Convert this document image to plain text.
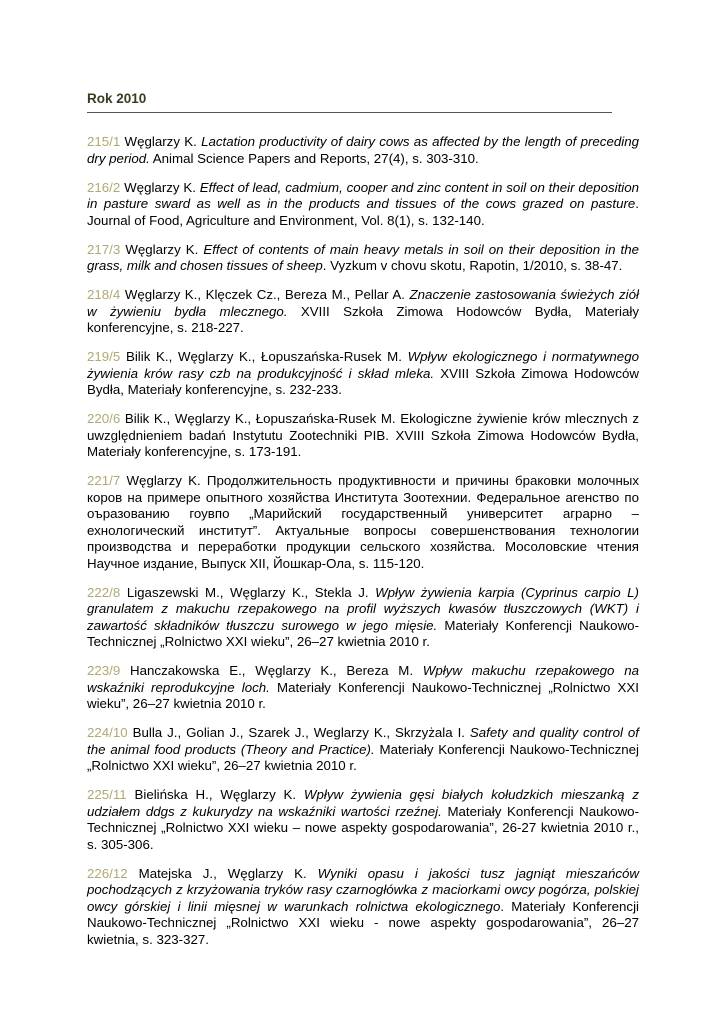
Rok 2010

215/1 Węglarzy K. Lactation productivity of dairy cows as affected by the length of preceding dry period. Animal Science Papers and Reports, 27(4), s. 303-310.

216/2 Węglarzy K. Effect of lead, cadmium, cooper and zinc content in soil on their deposition in pasture sward as well as in the products and tissues of the cows grazed on pasture. Journal of Food, Agriculture and Environment, Vol. 8(1), s. 132-140.

217/3 Węglarzy K. Effect of contents of main heavy metals in soil on their deposition in the grass, milk and chosen tissues of sheep. Vyzkum v chovu skotu, Rapotin, 1/2010, s. 38-47.

218/4 Węglarzy K., Klęczek Cz., Bereza M., Pellar A. Znaczenie zastosowania świeżych ziół w żywieniu bydła mlecznego. XVIII Szkoła Zimowa Hodowców Bydła, Materiały konferencyjne, s. 218-227.

219/5 Bilik K., Węglarzy K., Łopuszańska-Rusek M. Wpływ ekologicznego i normatywnego żywienia krów rasy czb na produkcyjność i skład mleka. XVIII Szkoła Zimowa Hodowców Bydła, Materiały konferencyjne, s. 232-233.

220/6 Bilik K., Węglarzy K., Łopuszańska-Rusek M. Ekologiczne żywienie krów mlecznych z uwzględnieniem badań Instytutu Zootechniki PIB. XVIII Szkoła Zimowa Hodowców Bydła, Materiały konferencyjne, s. 173-191.

221/7 Węglarzy K. Продолжительность продуктивности и причины браковки молочных коров на примере опытного хозяйства Института Зоотехнии. Федеральное агенство по оъразованию гоувпо „Марийский государственный университет аграрно – ехнологический институт”. Актуальные вопросы совершенствования технологии производства и переработки продукции сельского хозяйства. Мосоловские чтения Научное издание, Выпуск XII, Йошкар-Ола, s. 115-120.

222/8 Ligaszewski M., Węglarzy K., Stekla J. Wpływ żywienia karpia (Cyprinus carpio L) granulatem z makuchu rzepakowego na profil wyższych kwasów tłuszczowych (WKT) i zawartość składników tłuszczu surowego w jego mięsie. Materiały Konferencji Naukowo-Technicznej „Rolnictwo XXI wieku”, 26–27 kwietnia 2010 r.

223/9 Hanczakowska E., Węglarzy K., Bereza M. Wpływ makuchu rzepakowego na wskaźniki reprodukcyjne loch. Materiały Konferencji Naukowo-Technicznej „Rolnictwo XXI wieku”, 26–27 kwietnia 2010 r.

224/10 Bulla J., Golian J., Szarek J., Weglarzy K., Skrzyżala I. Safety and quality control of the animal food products (Theory and Practice). Materiały Konferencji Naukowo-Technicznej „Rolnictwo XXI wieku”, 26–27 kwietnia 2010 r.

225/11 Bielińska H., Węglarzy K. Wpływ żywienia gęsi białych kołudzkich mieszanką z udziałem ddgs z kukurydzy na wskaźniki wartości rzeźnej. Materiały Konferencji Naukowo-Technicznej „Rolnictwo XXI wieku – nowe aspekty gospodarowania”, 26-27 kwietnia 2010 r., s. 305-306.

226/12 Matejska J., Węglarzy K. Wyniki opasu i jakości tusz jagniąt mieszańców pochodzących z krzyżowania tryków rasy czarnogłówka z maciorkami owcy pogórza, polskiej owcy górskiej i linii mięsnej w warunkach rolnictwa ekologicznego. Materiały Konferencji Naukowo-Technicznej „Rolnictwo XXI wieku - nowe aspekty gospodarowania”, 26–27 kwietnia, s. 323-327.
